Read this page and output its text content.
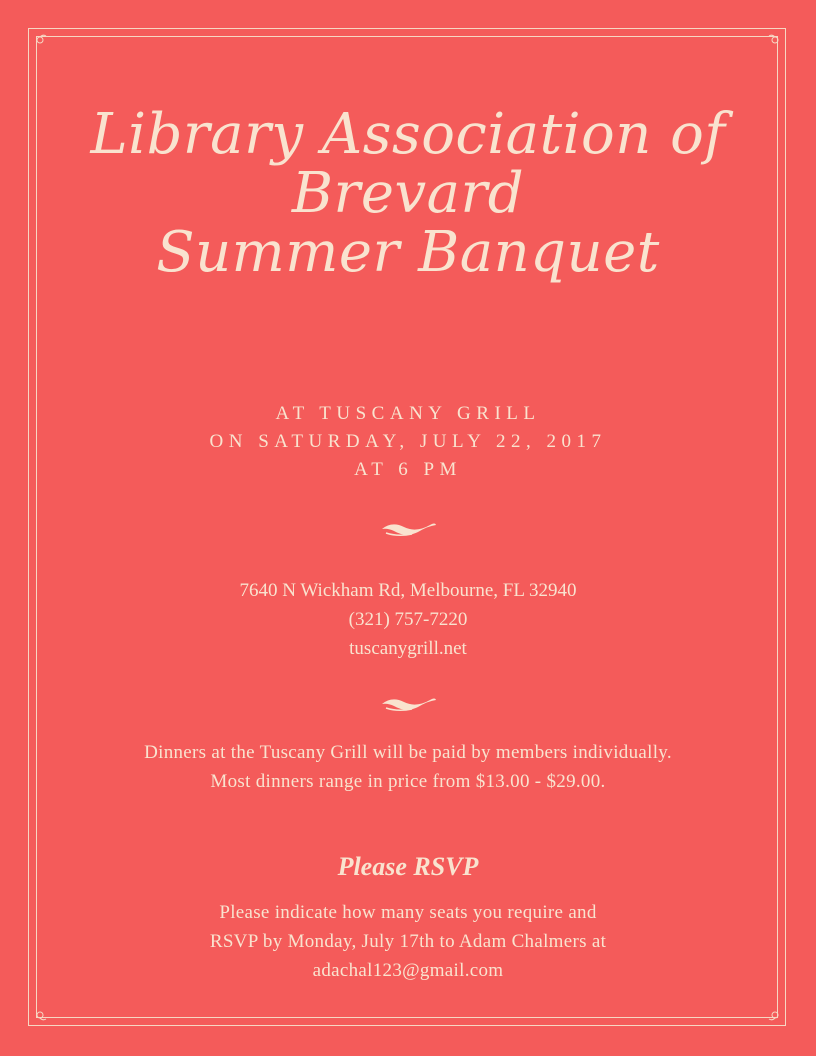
Library Association of
Brevard
Summer Banquet
AT TUSCANY GRILL
ON SATURDAY, JULY 22, 2017
AT 6 PM
7640 N Wickham Rd, Melbourne, FL 32940
(321) 757-7220
tuscanygrill.net
Dinners at the Tuscany Grill will be paid by members individually.
Most dinners range in price from $13.00 - $29.00.
Please RSVP
Please indicate how many seats you require and
RSVP by Monday, July 17th to Adam Chalmers at
adachal123@gmail.com
